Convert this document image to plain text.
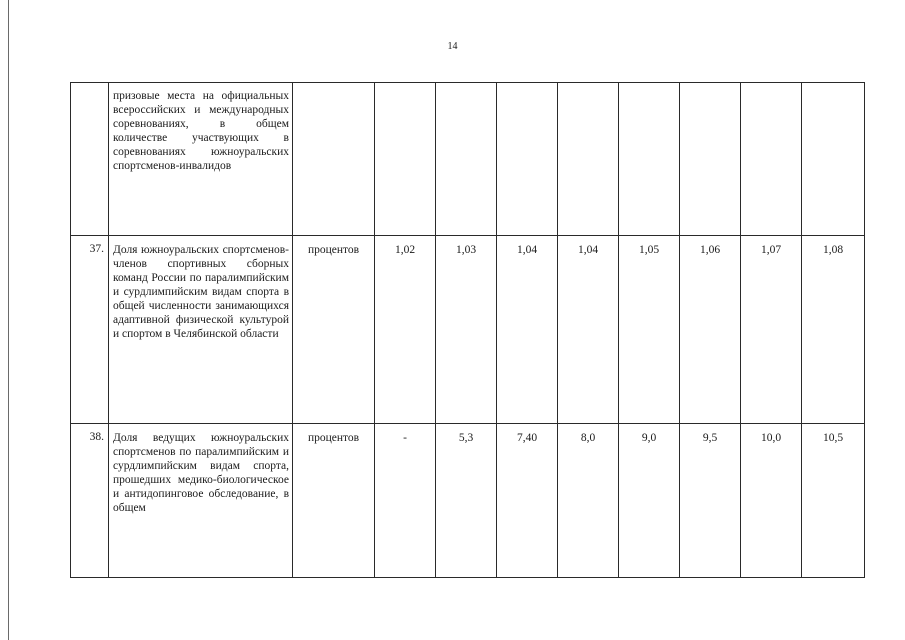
14

	призовые места на официальных всероссийских и международных соревнованиях, в общем количестве участвующих в соревнованиях южноуральских спортсменов-инвалидов									

37.	Доля южноуральских спортсменов-членов спортивных сборных команд России по паралимпийским и сурдлимпийским видам спорта в общей численности занимающихся адаптивной физической культурой и спортом в Челябинской области	процентов	1,02	1,03	1,04	1,04	1,05	1,06	1,07	1,08
38.	Доля ведущих южноуральских спортсменов по паралимпийским и сурдлимпийским видам спорта, прошедших медико-биологическое и антидопинговое обследование, в общем	процентов	-	5,3	7,40	8,0	9,0	9,5	10,0	10,5
